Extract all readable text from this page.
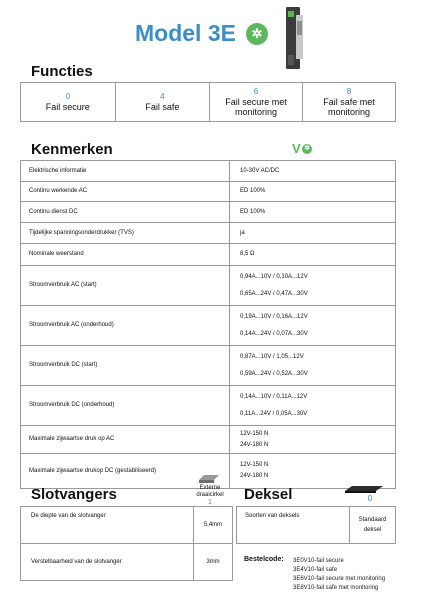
Model 3E	✲
Functies
0
Fail secure	
4
Fail safe	
6
Fail secure met monitoring	
8
Fail safe met monitoring
Kenmerken	V ✲
Elektrische informatie	10-30V AC/DC
Continu werkende AC	ED 100%
Continu dienst DC	ED 100%
Tijdelijke spanningsonderdrukker (TVS)	ja
Nominale weerstand	8,5 Ω
Stroomverbruik AC (start)	0,94A...10V / 0,10A...12V
0,65A...24V / 0,47A...30V

Stroomverbruik AC (onderhoud)	0,19A...10V / 0,16A...12V
0,14A...24V / 0,07A...30V

Stroomverbruik DC (start)	0,87A...10V / 1,05...12V
0,59A...24V / 0,52A...30V

Stroomverbruik DC (onderhoud)	0,14A...10V / 0,11A...12V
0,11A...24V / 0,05A...30V

Maximale zijwaartse druk op AC	12V-150 N
24V-180 N

Maximale zijwaartse drukop DC (gestabiliseerd)	12V-150 N
24V-180 N
Slotvangers	Externe draaicirkel
1
De diepte van de slotvanger	5,4mm
Verstelbaarheid van de slotvanger	3mm
Deksel	0
Soorten van deksels	Standaard deksel
Bestelcode: 3E0V10-fail secure
3E4V10-fail safe
3E6V10-fail secure met monitoring
3E8V10-fail safe met monitoring
